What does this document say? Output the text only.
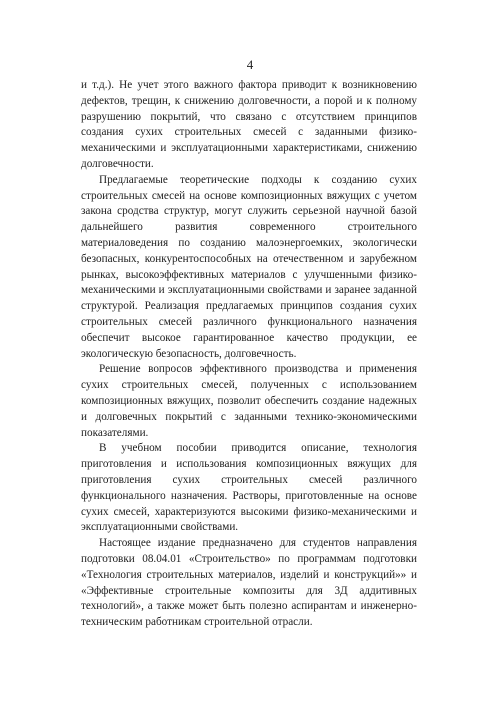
4

и т.д.). Не учет этого важного фактора приводит к возникновению дефектов, трещин, к снижению долговечности, а порой и к полному разрушению покрытий, что связано с отсутствием принципов создания сухих строительных смесей с заданными физико-механическими и эксплуатационными характеристиками, снижению долговечности.

Предлагаемые теоретические подходы к созданию сухих строительных смесей на основе композиционных вяжущих с учетом закона сродства структур, могут служить серьезной научной базой дальнейшего развития современного строительного материаловедения по созданию малоэнергоемких, экологически безопасных, конкурентоспособных на отечественном и зарубежном рынках, высокоэффективных материалов с улучшенными физико-механическими и эксплуатационными свойствами и заранее заданной структурой. Реализация предлагаемых принципов создания сухих строительных смесей различного функционального назначения обеспечит высокое гарантированное качество продукции, ее экологическую безопасность, долговечность.

Решение вопросов эффективного производства и применения сухих строительных смесей, полученных с использованием композиционных вяжущих, позволит обеспечить создание надежных и долговечных покрытий с заданными технико-экономическими показателями.

В учебном пособии приводится описание, технология приготовления и использования композиционных вяжущих для приготовления сухих строительных смесей различного функционального назначения. Растворы, приготовленные на основе сухих смесей, характеризуются высокими физико-механическими и эксплуатационными свойствами.

Настоящее издание предназначено для студентов направления подготовки 08.04.01 «Строительство» по программам подготовки «Технология строительных материалов, изделий и конструкций»» и «Эффективные строительные композиты для 3Д аддитивных технологий», а также может быть полезно аспирантам и инженерно-техническим работникам строительной отрасли.
